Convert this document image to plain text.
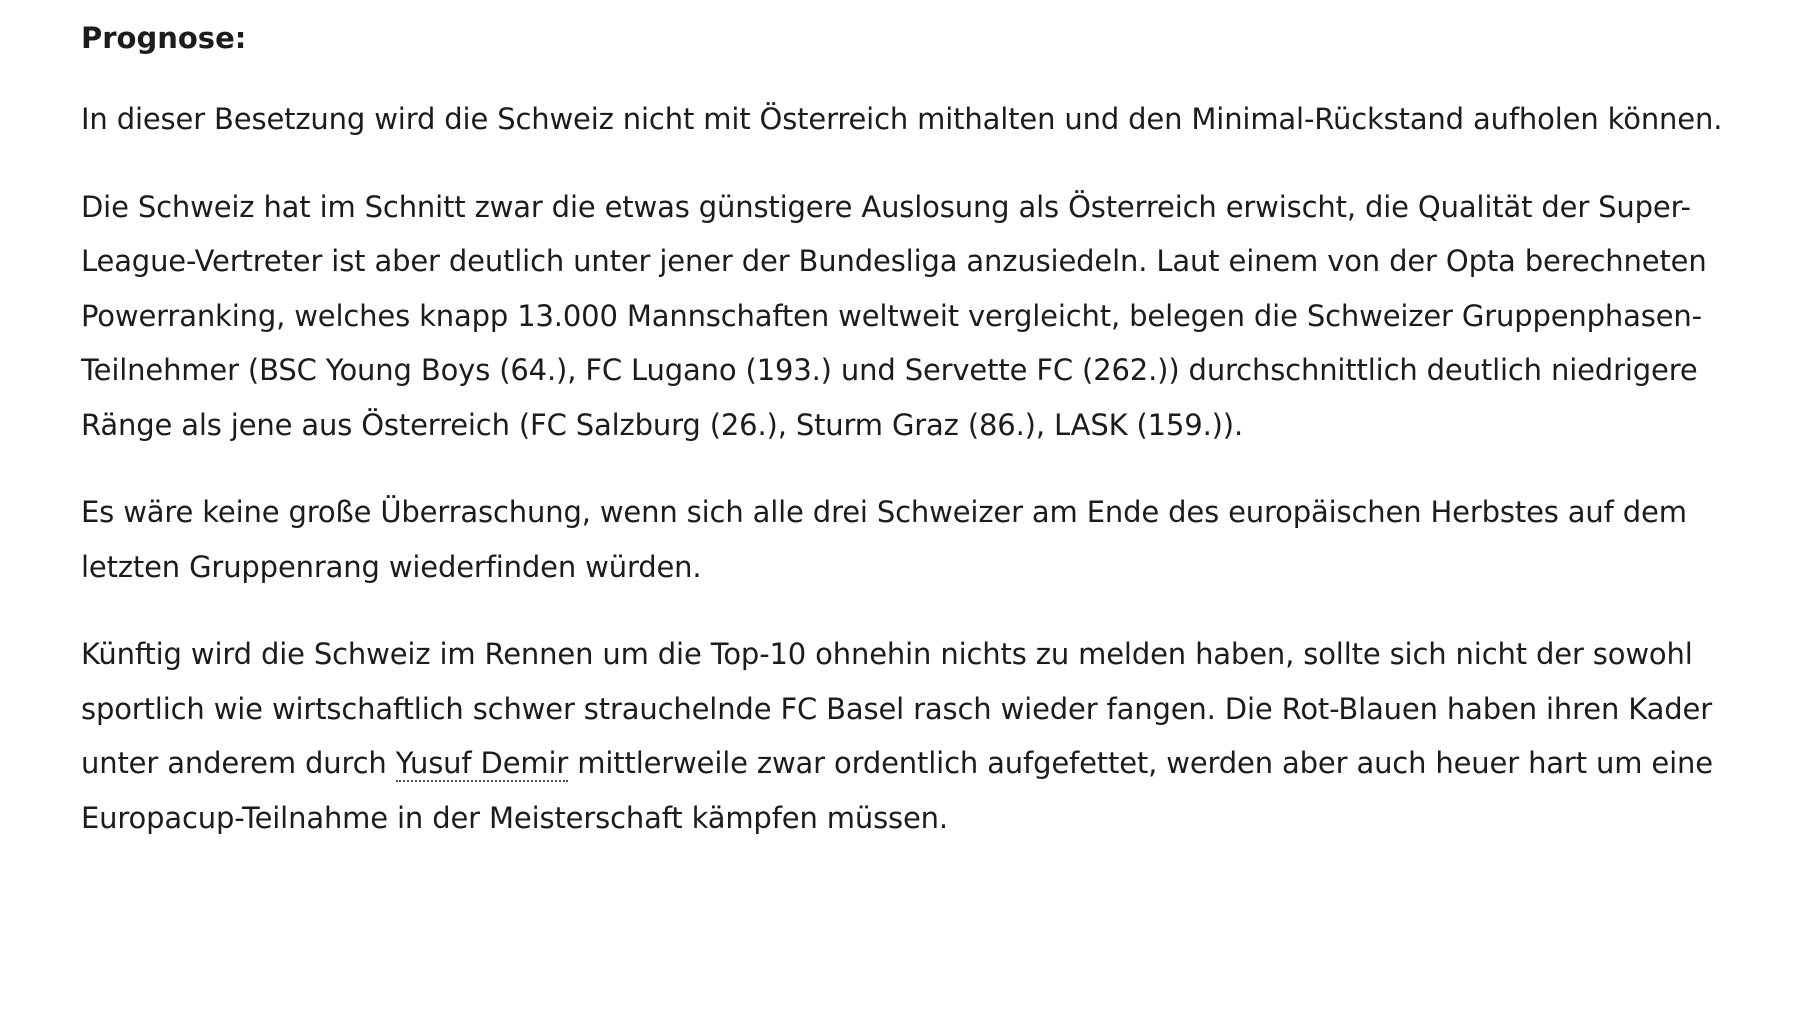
Prognose:

In dieser Besetzung wird die Schweiz nicht mit Österreich mithalten und den Minimal-Rückstand aufholen können.

Die Schweiz hat im Schnitt zwar die etwas günstigere Auslosung als Österreich erwischt, die Qualität der Super-League-Vertreter ist aber deutlich unter jener der Bundesliga anzusiedeln. Laut einem von der Opta berechneten Powerranking, welches knapp 13.000 Mannschaften weltweit vergleicht, belegen die Schweizer Gruppenphasen-Teilnehmer (BSC Young Boys (64.), FC Lugano (193.) und Servette FC (262.)) durchschnittlich deutlich niedrigere Ränge als jene aus Österreich (FC Salzburg (26.), Sturm Graz (86.), LASK (159.)).

Es wäre keine große Überraschung, wenn sich alle drei Schweizer am Ende des europäischen Herbstes auf dem letzten Gruppenrang wiederfinden würden.

Künftig wird die Schweiz im Rennen um die Top-10 ohnehin nichts zu melden haben, sollte sich nicht der sowohl sportlich wie wirtschaftlich schwer strauchelnde FC Basel rasch wieder fangen. Die Rot-Blauen haben ihren Kader unter anderem durch Yusuf Demir mittlerweile zwar ordentlich aufgefettet, werden aber auch heuer hart um eine Europacup-Teilnahme in der Meisterschaft kämpfen müssen.
